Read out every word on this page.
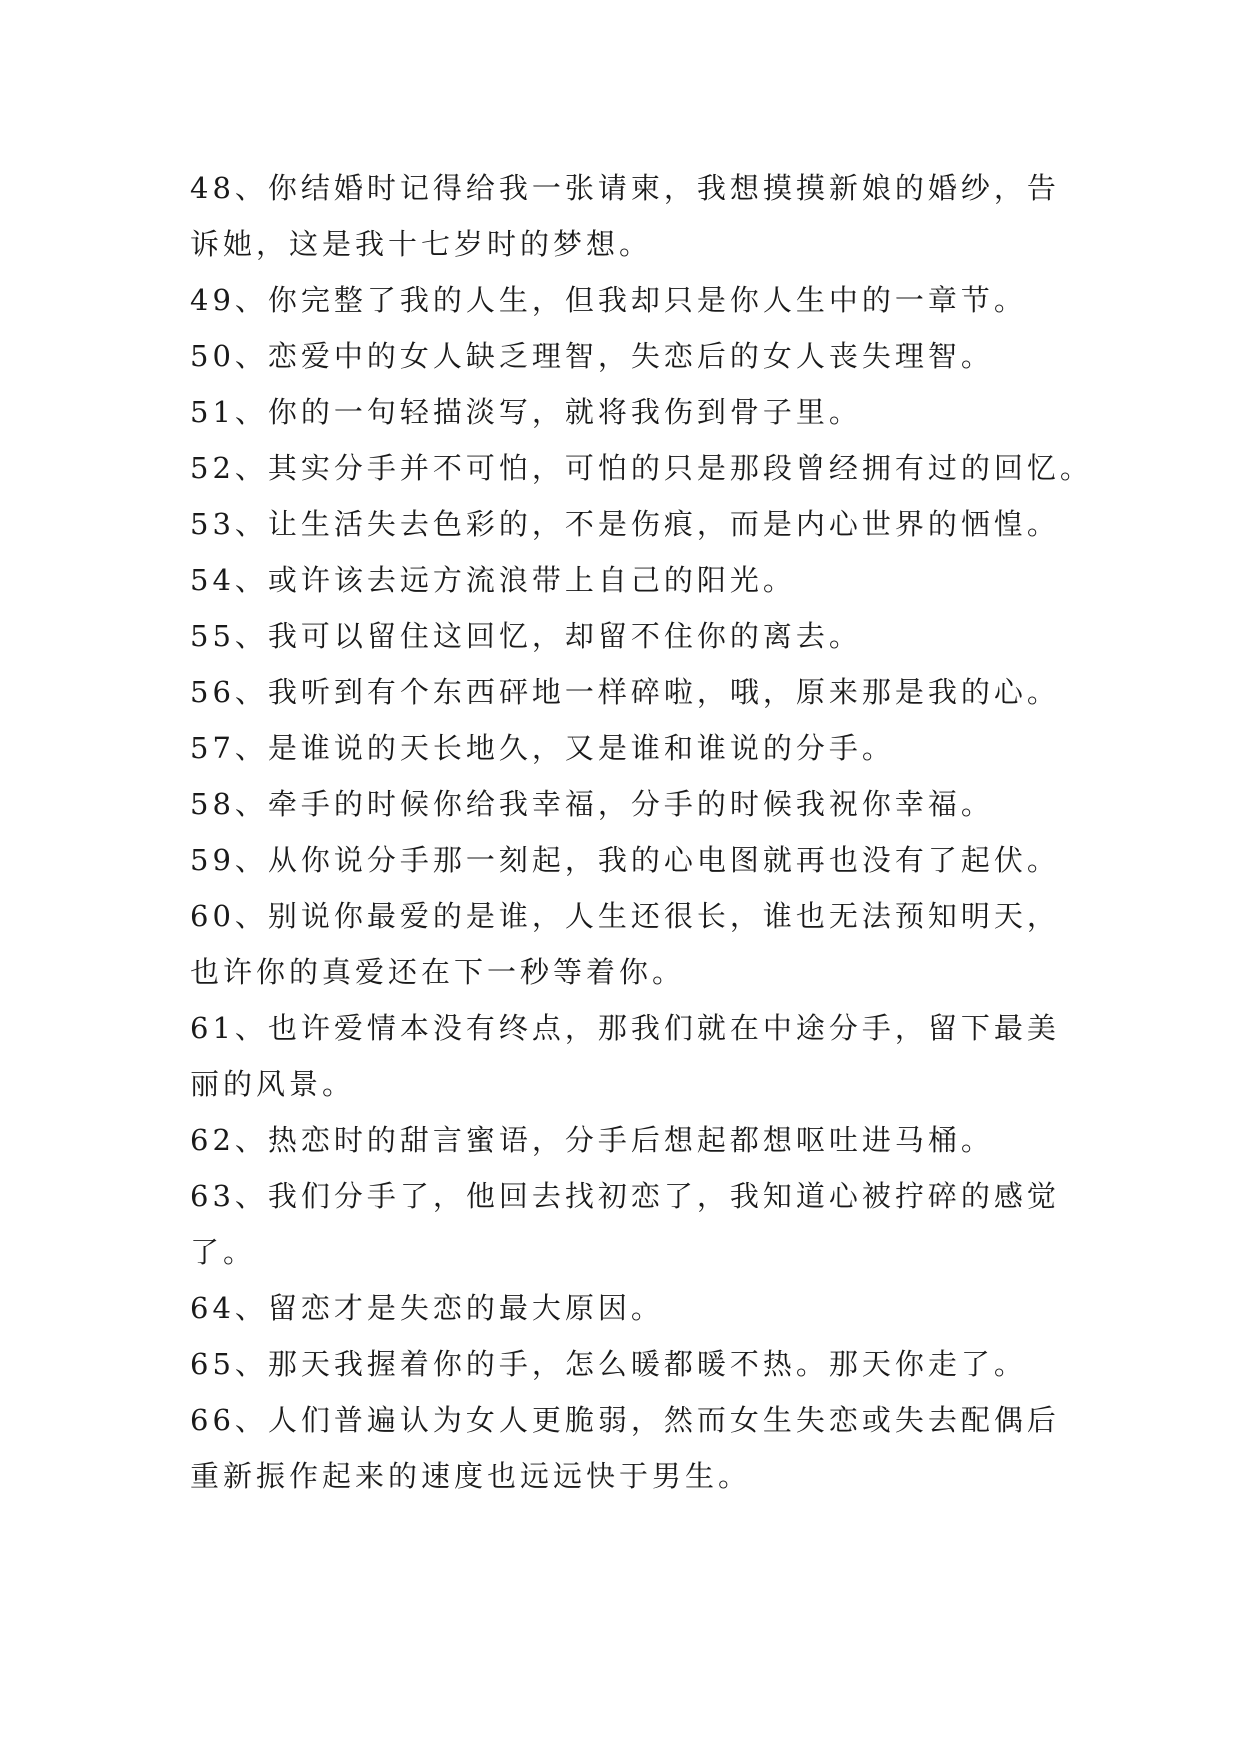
48、你结婚时记得给我一张请柬，我想摸摸新娘的婚纱，告
诉她，这是我十七岁时的梦想。
49、你完整了我的人生，但我却只是你人生中的一章节。
50、恋爱中的女人缺乏理智，失恋后的女人丧失理智。
51、你的一句轻描淡写，就将我伤到骨子里。
52、其实分手并不可怕，可怕的只是那段曾经拥有过的回忆。
53、让生活失去色彩的，不是伤痕，而是内心世界的恓惶。
54、或许该去远方流浪带上自己的阳光。
55、我可以留住这回忆，却留不住你的离去。
56、我听到有个东西砰地一样碎啦，哦，原来那是我的心。
57、是谁说的天长地久，又是谁和谁说的分手。
58、牵手的时候你给我幸福，分手的时候我祝你幸福。
59、从你说分手那一刻起，我的心电图就再也没有了起伏。
60、别说你最爱的是谁，人生还很长，谁也无法预知明天，
也许你的真爱还在下一秒等着你。
61、也许爱情本没有终点，那我们就在中途分手，留下最美
丽的风景。
62、热恋时的甜言蜜语，分手后想起都想呕吐进马桶。
63、我们分手了，他回去找初恋了，我知道心被拧碎的感觉
了。
64、留恋才是失恋的最大原因。
65、那天我握着你的手，怎么暖都暖不热。那天你走了。
66、人们普遍认为女人更脆弱，然而女生失恋或失去配偶后
重新振作起来的速度也远远快于男生。
